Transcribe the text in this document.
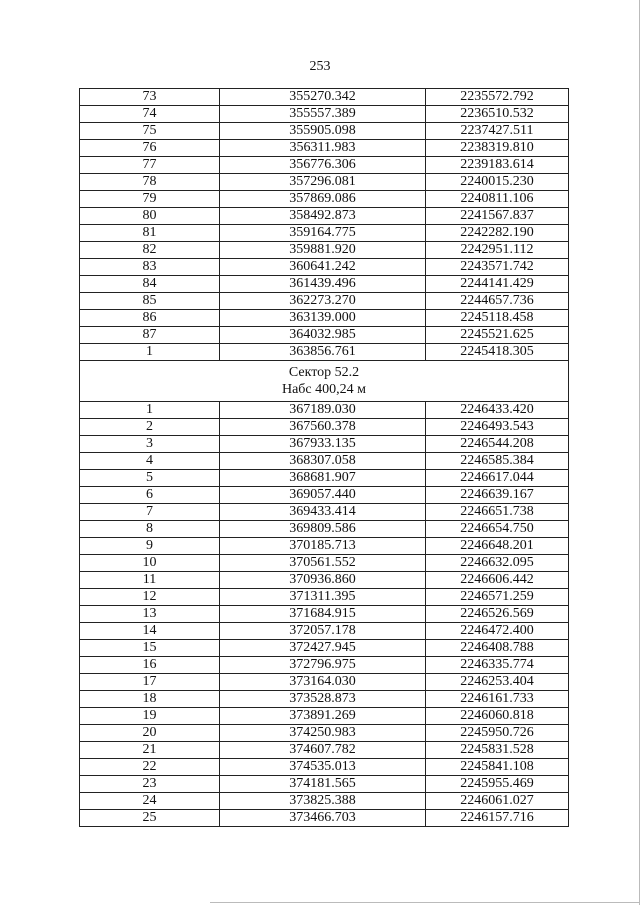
253
73	355270.342	2235572.792
74	355557.389	2236510.532
75	355905.098	2237427.511
76	356311.983	2238319.810
77	356776.306	2239183.614
78	357296.081	2240015.230
79	357869.086	2240811.106
80	358492.873	2241567.837
81	359164.775	2242282.190
82	359881.920	2242951.112
83	360641.242	2243571.742
84	361439.496	2244141.429
85	362273.270	2244657.736
86	363139.000	2245118.458
87	364032.985	2245521.625
1	363856.761	2245418.305

Сектор 52.2
Набс 400,24 м		

1	367189.030	2246433.420
2	367560.378	2246493.543
3	367933.135	2246544.208
4	368307.058	2246585.384
5	368681.907	2246617.044
6	369057.440	2246639.167
7	369433.414	2246651.738
8	369809.586	2246654.750
9	370185.713	2246648.201
10	370561.552	2246632.095
11	370936.860	2246606.442
12	371311.395	2246571.259
13	371684.915	2246526.569
14	372057.178	2246472.400
15	372427.945	2246408.788
16	372796.975	2246335.774
17	373164.030	2246253.404
18	373528.873	2246161.733
19	373891.269	2246060.818
20	374250.983	2245950.726
21	374607.782	2245831.528
22	374535.013	2245841.108
23	374181.565	2245955.469
24	373825.388	2246061.027
25	373466.703	2246157.716
